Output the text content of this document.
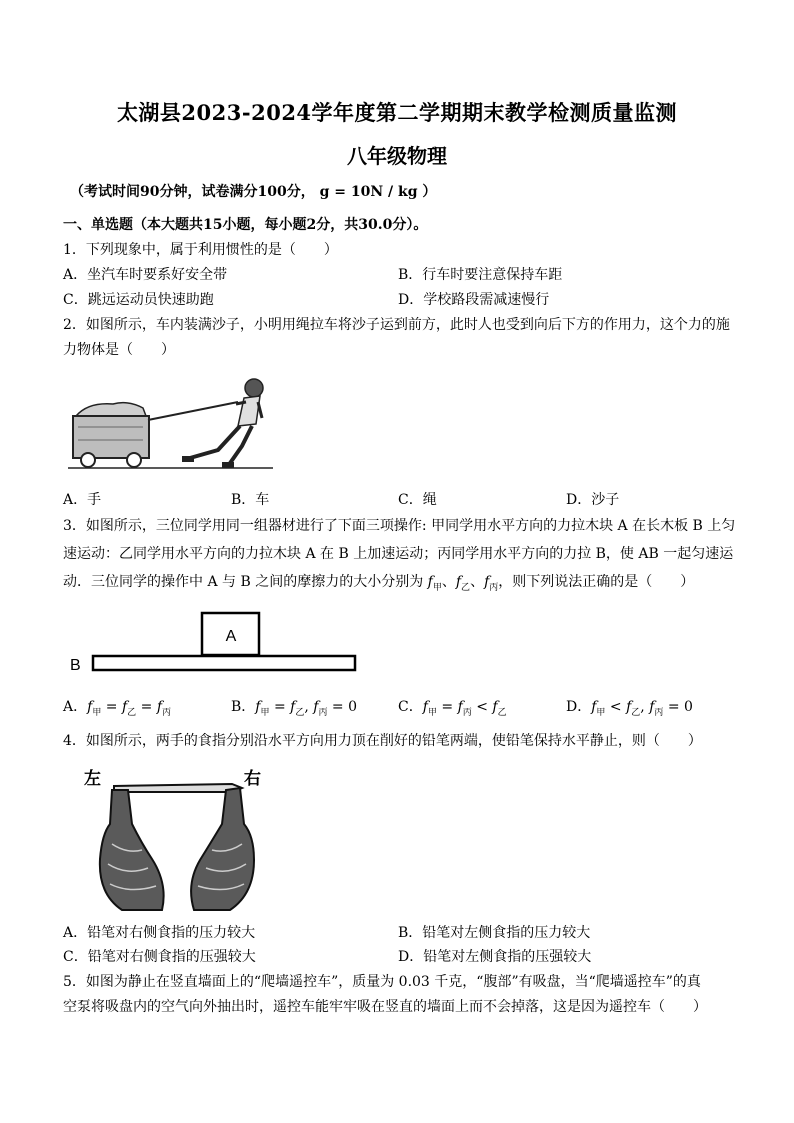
太湖县2023-2024学年度第二学期期末教学检测质量监测
八年级物理
（考试时间90分钟，试卷满分100分， g = 10N / kg ）
一、单选题（本大题共15小题，每小题2分，共30.0分）。
1．下列现象中，属于利用惯性的是（　　）
A．坐汽车时要系好安全带	B．行车时要注意保持车距
C．跳远运动员快速助跑	D．学校路段需减速慢行
2．如图所示，车内装满沙子，小明用绳拉车将沙子运到前方，此时人也受到向后下方的作用力，这个力的施
力物体是（　　）
A．手	B．车	C．绳	D．沙子
3．如图所示，三位同学用同一组器材进行了下面三项操作: 甲同学用水平方向的力拉木块 A 在长木板 B 上匀
速运动：乙同学用水平方向的力拉木块 A 在 B 上加速运动；丙同学用水平方向的力拉 B，使 AB 一起匀速运
动．三位同学的操作中 A 与 B 之间的摩擦力的大小分别为 $f_甲$、$f_乙$、$f_丙$，则下列说法正确的是（　　）
A
B
A．$f_甲 = f_乙 = f_丙$	B．$f_甲 = f_乙$, $f_丙 = 0$	C．$f_甲 = f_丙 < f_乙$	D．$f_甲 < f_乙$, $f_丙 = 0$
4．如图所示，两手的食指分别沿水平方向用力顶在削好的铅笔两端，使铅笔保持水平静止，则（　　）
左	右
A．铅笔对右侧食指的压力较大	B．铅笔对左侧食指的压力较大
C．铅笔对右侧食指的压强较大	D．铅笔对左侧食指的压强较大
5．如图为静止在竖直墙面上的“爬墙遥控车”，质量为 0.03 千克，“腹部”有吸盘，当“爬墙遥控车”的真
空泵将吸盘内的空气向外抽出时，遥控车能牢牢吸在竖直的墙面上而不会掉落，这是因为遥控车（　　）
